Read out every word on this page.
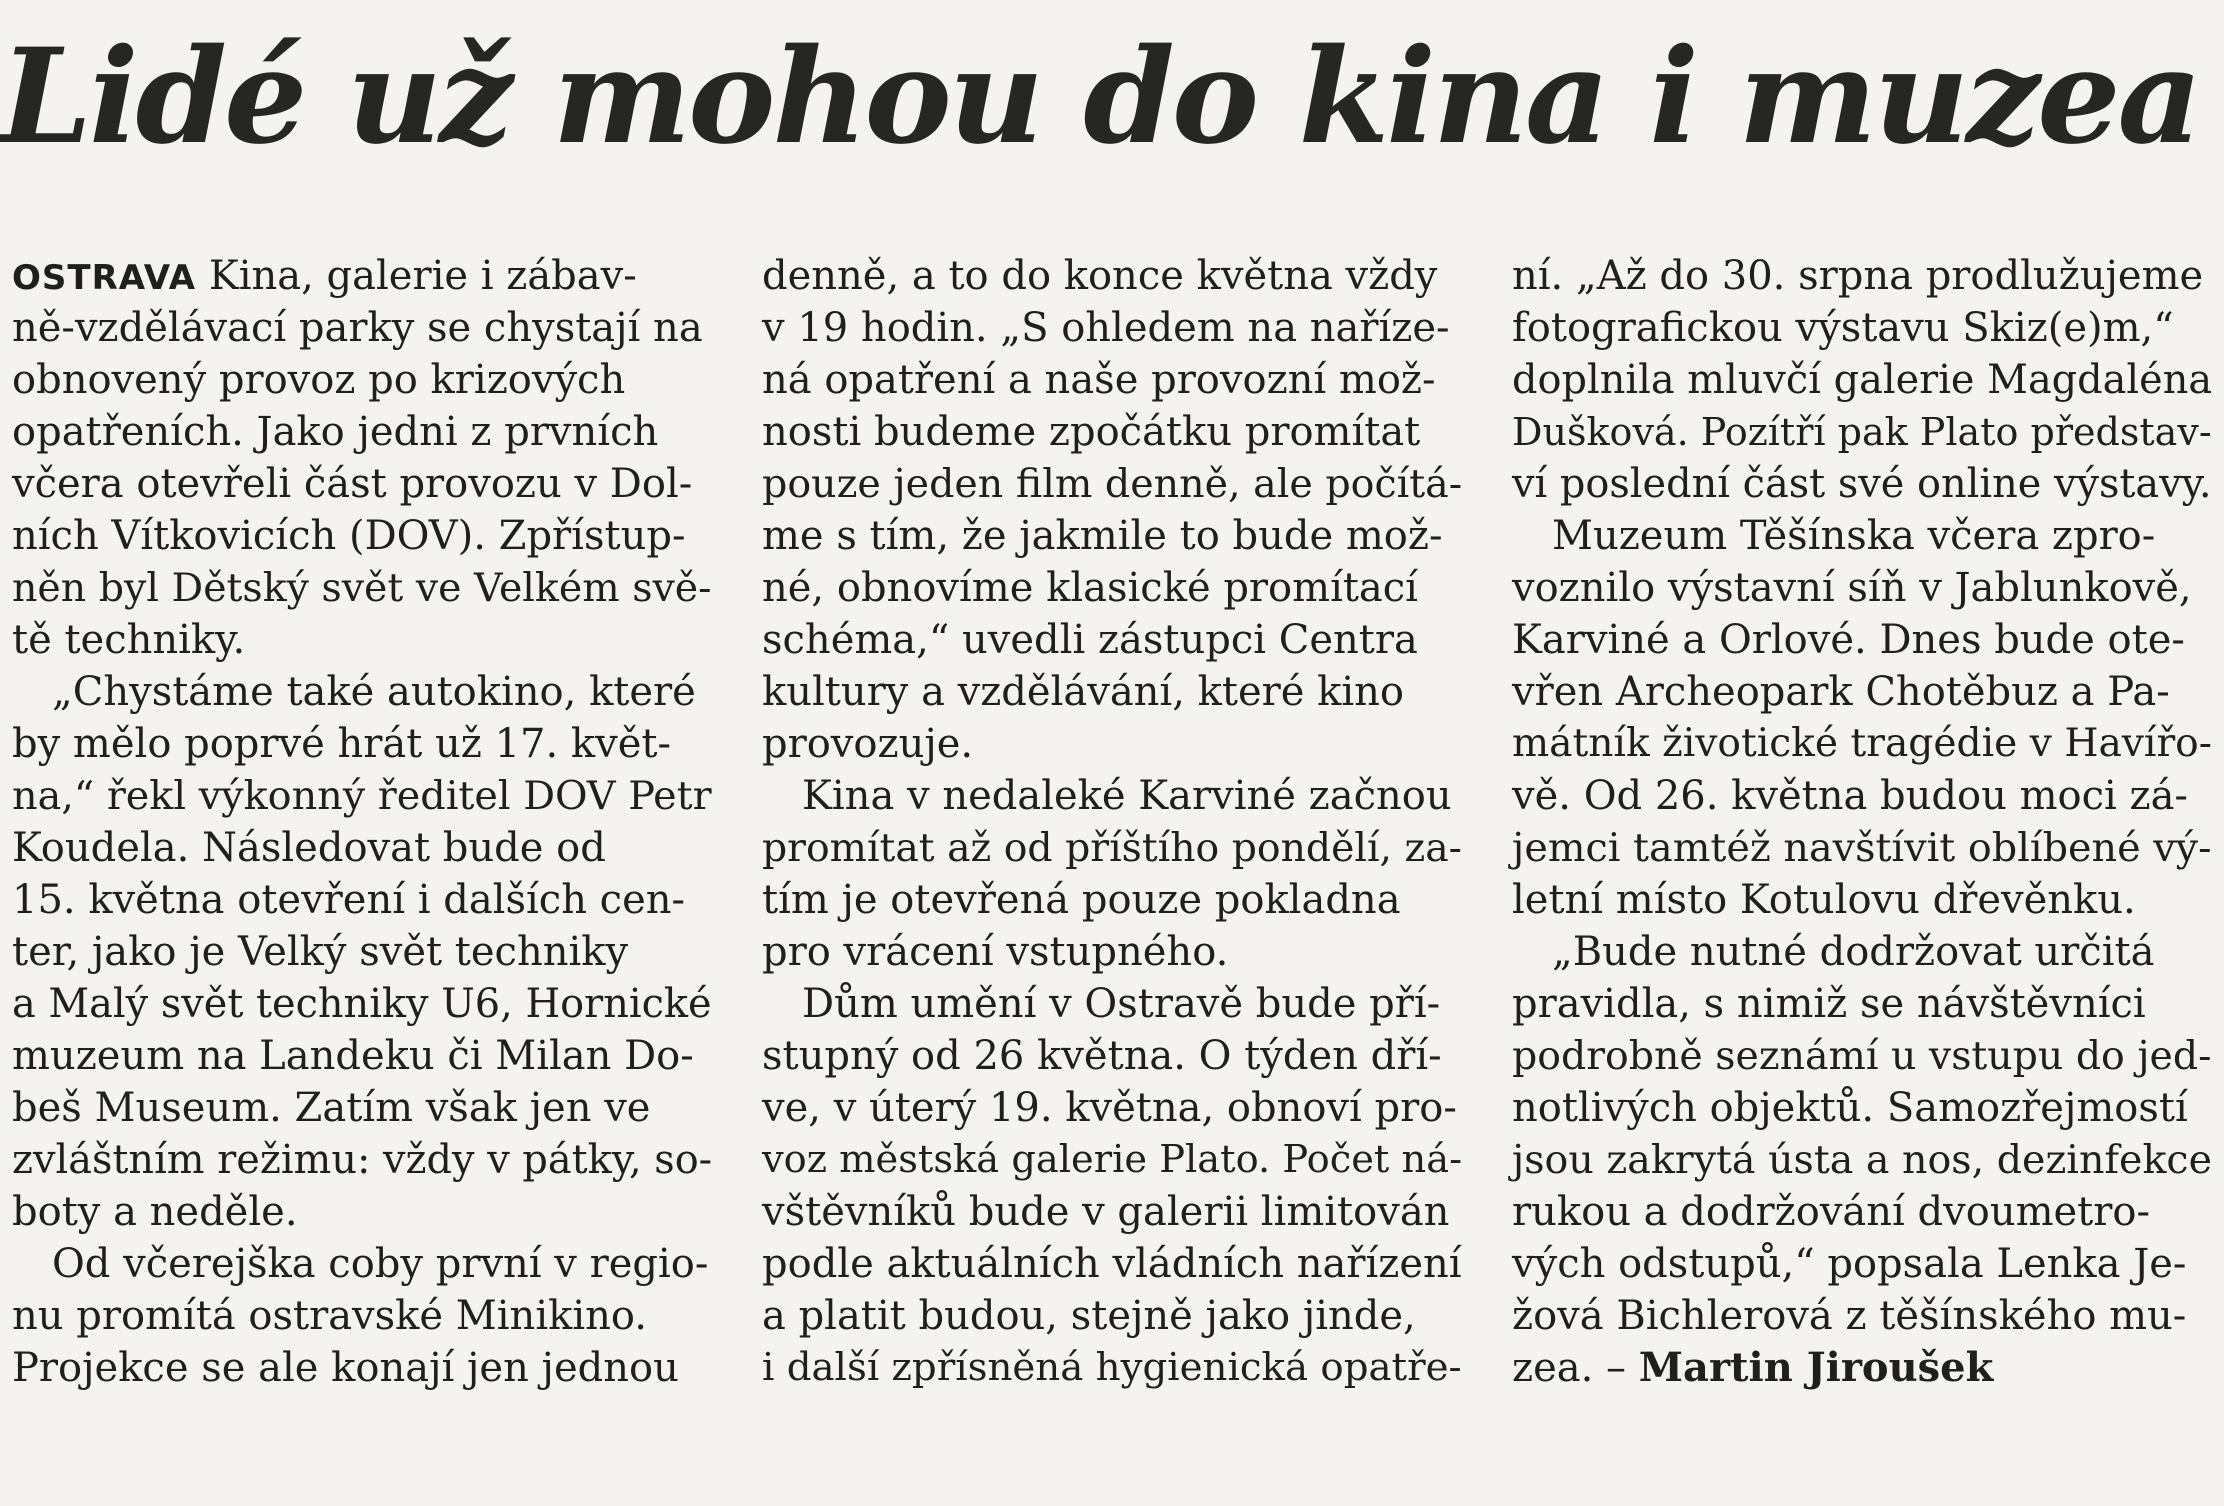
Lidé už mohou do kina i muzea
OSTRAVA Kina, galerie i zábav-
ně-vzdělávací parky se chystají na
obnovený provoz po krizových
opatřeních. Jako jedni z prvních
včera otevřeli část provozu v Dol-
ních Vítkovicích (DOV). Zpřístup-
něn byl Dětský svět ve Velkém svě-
tě techniky.
„Chystáme také autokino, které
by mělo poprvé hrát už 17. květ-
na,“ řekl výkonný ředitel DOV Petr
Koudela. Následovat bude od
15. května otevření i dalších cen-
ter, jako je Velký svět techniky
a Malý svět techniky U6, Hornické
muzeum na Landeku či Milan Do-
beš Museum. Zatím však jen ve
zvláštním režimu: vždy v pátky, so-
boty a neděle.
Od včerejška coby první v regio-
nu promítá ostravské Minikino.
Projekce se ale konají jen jednou
denně, a to do konce května vždy
v 19 hodin. „S ohledem na naříze-
ná opatření a naše provozní mož-
nosti budeme zpočátku promítat
pouze jeden film denně, ale počítá-
me s tím, že jakmile to bude mož-
né, obnovíme klasické promítací
schéma,“ uvedli zástupci Centra
kultury a vzdělávání, které kino
provozuje.
Kina v nedaleké Karviné začnou
promítat až od příštího pondělí, za-
tím je otevřená pouze pokladna
pro vrácení vstupného.
Dům umění v Ostravě bude pří-
stupný od 26 května. O týden dří-
ve, v úterý 19. května, obnoví pro-
voz městská galerie Plato. Počet ná-
vštěvníků bude v galerii limitován
podle aktuálních vládních nařízení
a platit budou, stejně jako jinde,
i další zpřísněná hygienická opatře-
ní. „Až do 30. srpna prodlužujeme
fotografickou výstavu Skiz(e)m,“
doplnila mluvčí galerie Magdaléna
Dušková. Pozítří pak Plato představ-
ví poslední část své online výstavy.
Muzeum Těšínska včera zpro-
voznilo výstavní síň v Jablunkově,
Karviné a Orlové. Dnes bude ote-
vřen Archeopark Chotěbuz a Pa-
mátník životické tragédie v Havířo-
vě. Od 26. května budou moci zá-
jemci tamtéž navštívit oblíbené vý-
letní místo Kotulovu dřevěnku.
„Bude nutné dodržovat určitá
pravidla, s nimiž se návštěvníci
podrobně seznámí u vstupu do jed-
notlivých objektů. Samozřejmostí
jsou zakrytá ústa a nos, dezinfekce
rukou a dodržování dvoumetro-
vých odstupů,“ popsala Lenka Je-
žová Bichlerová z těšínského mu-
zea. – Martin Jiroušek
